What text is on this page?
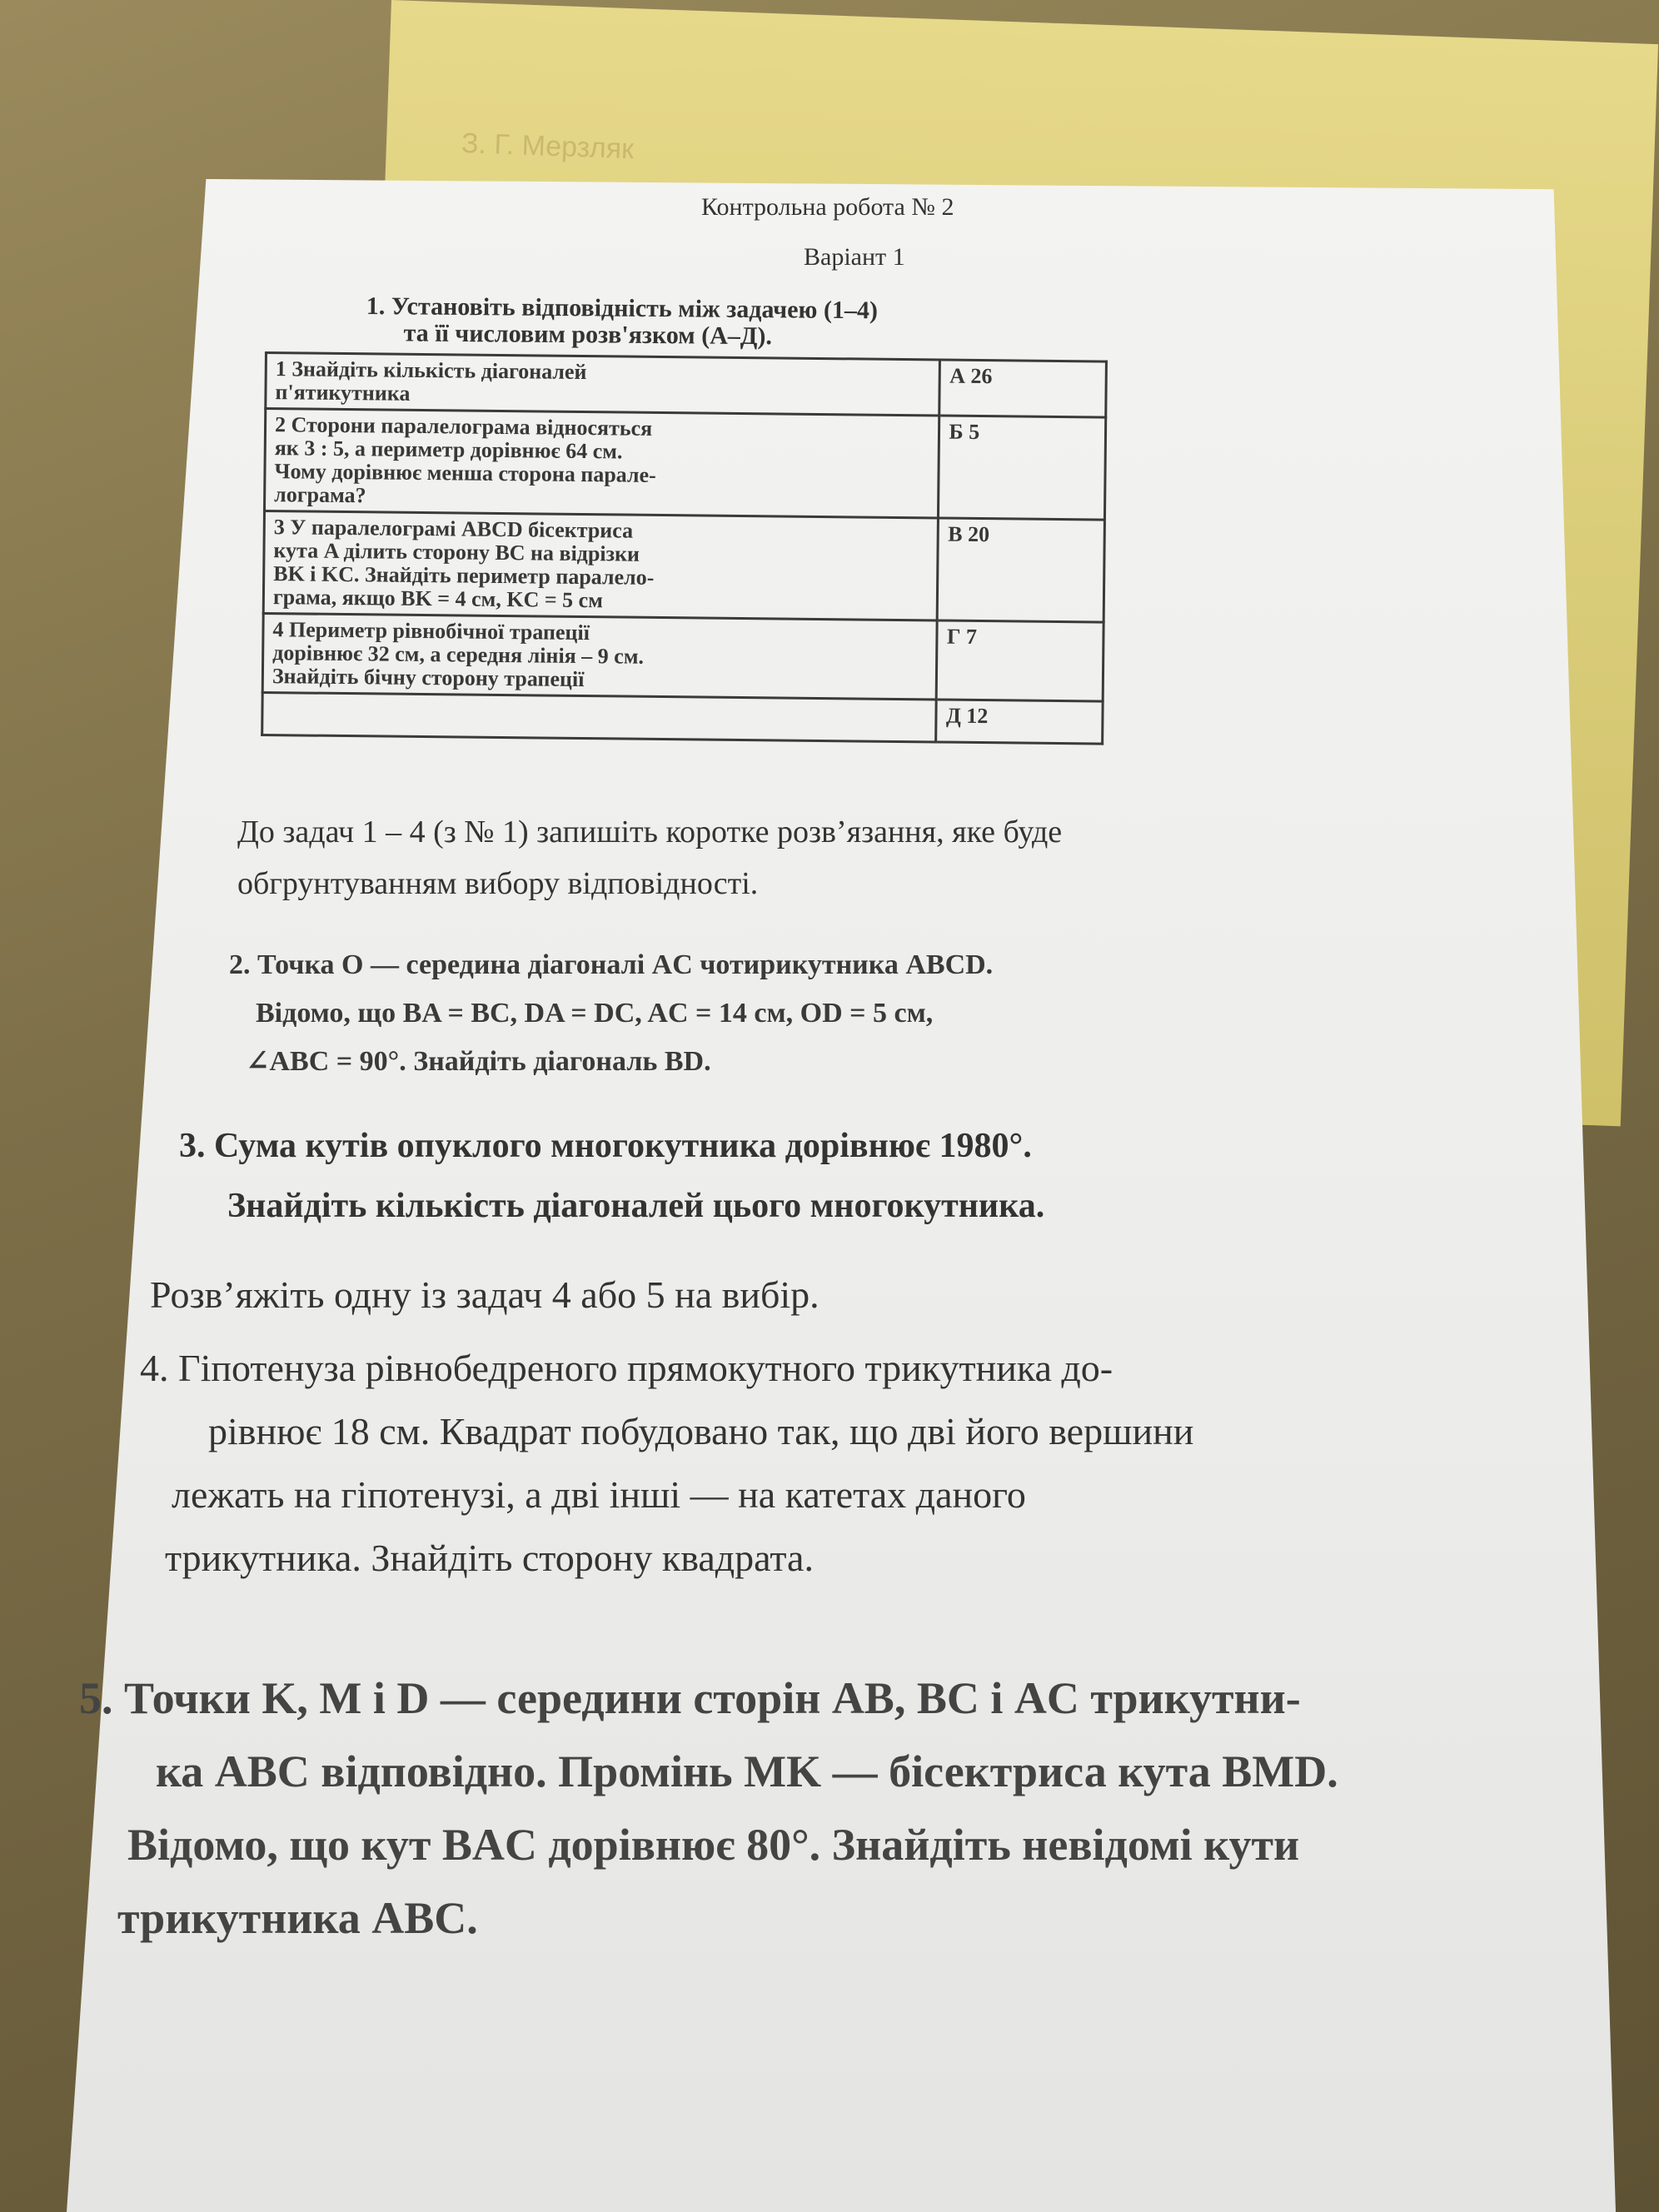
З. Г. Мерзляк
Контрольна робота № 2
Варіант 1
1. Установіть відповідність між задачею (1–4)
та її числовим розв'язком (А–Д).
1 Знайдіть кількість діагоналей
п'ятикутника	А 26

2 Сторони паралелограма відносяться
як 3 : 5, а периметр дорівнює 64 см.
Чому дорівнює менша сторона парале-
лограма?	Б 5

3 У паралелограмі ABCD бісектриса
кута A ділить сторону BC на відрізки
BK і KC. Знайдіть периметр паралело-
грама, якщо BK = 4 см, KC = 5 см	В 20

4 Периметр рівнобічної трапеції
дорівнює 32 см, а середня лінія – 9 см.
Знайдіть бічну сторону трапеції	Г 7
	Д 12
До задач 1 – 4 (з № 1) запишіть коротке розв’язання, яке буде
обгрунтуванням вибору відповідності.
2. Точка O — середина діагоналі AC чотирикутника ABCD.
Відомо, що BA = BC, DA = DC, AC = 14 см, OD = 5 см,
∠ABC = 90°. Знайдіть діагональ BD.
3. Сума кутів опуклого многокутника дорівнює 1980°.
Знайдіть кількість діагоналей цього многокутника.
Розв’яжіть одну із задач 4 або 5 на вибір.
4. Гіпотенуза рівнобедреного прямокутного трикутника до-
рівнює 18 см. Квадрат побудовано так, що дві його вершини
лежать на гіпотенузі, а дві інші — на катетах даного
трикутника. Знайдіть сторону квадрата.
5. Точки K, M і D — середини сторін AB, BC і AC трикутни-
ка ABC відповідно. Промінь MK — бісектриса кута BMD.
Відомо, що кут BAC дорівнює 80°. Знайдіть невідомі кути
трикутника ABC.
